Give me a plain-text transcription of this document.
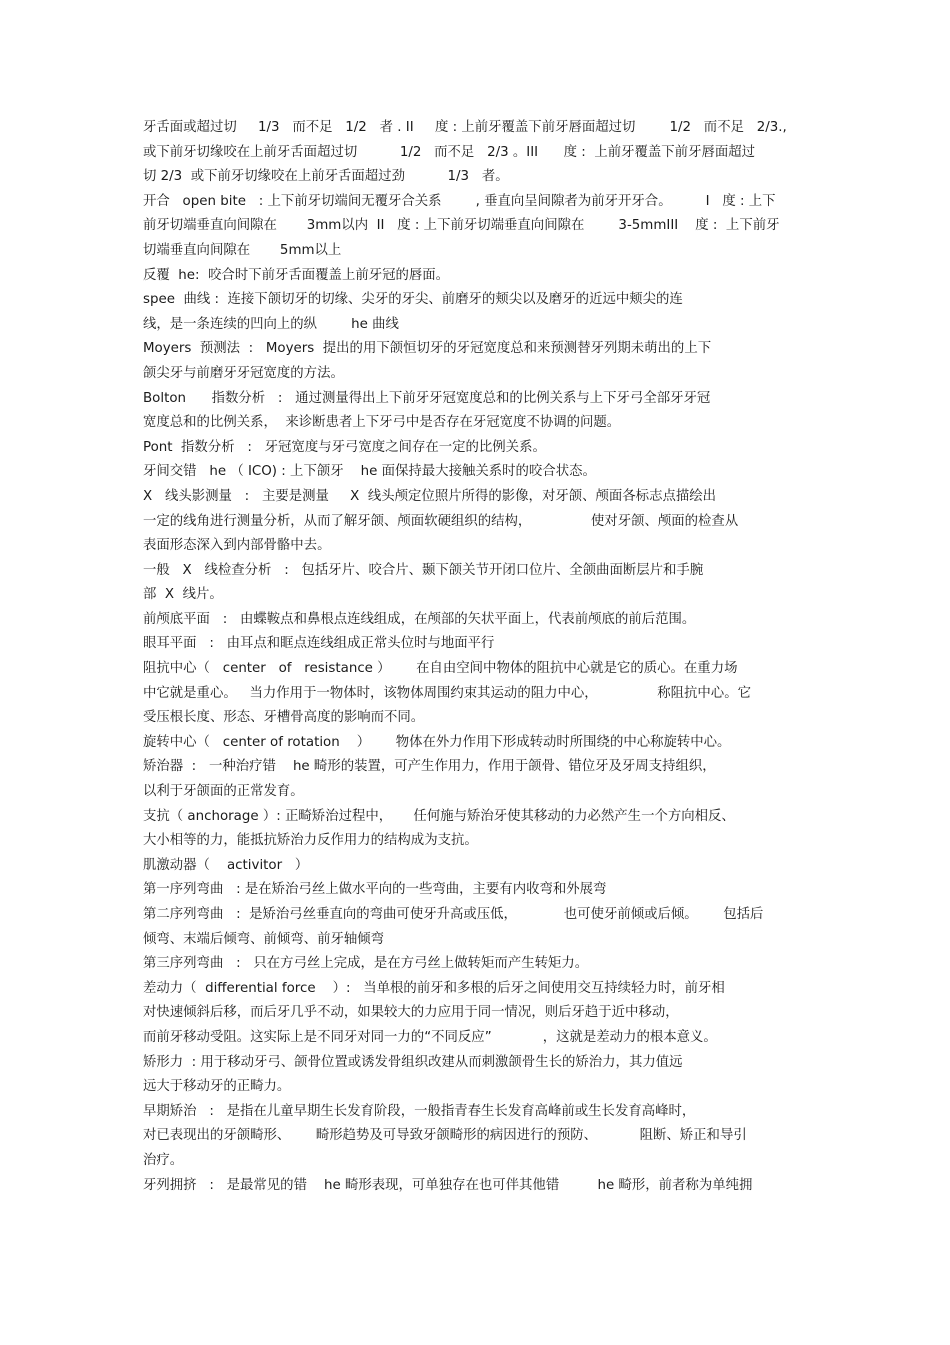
牙舌面或超过切     1/3   而不足   1/2   者 . II     度 : 上前牙覆盖下前牙唇面超过切        1/2   而不足   2/3.,
或下前牙切缘咬在上前牙舌面超过切          1/2   而不足   2/3 。III      度 :  上前牙覆盖下前牙唇面超过
切 2/3  或下前牙切缘咬在上前牙舌面超过劲          1/3   者。
开合   open bite   : 上下前牙切端间无覆牙合关系        , 垂直向呈间隙者为前牙开牙合。        I   度 : 上下
前牙切端垂直向间隙在       3mm以内  II   度 : 上下前牙切端垂直向间隙在        3-5mmIII    度 :  上下前牙
切端垂直向间隙在       5mm以上
反覆  he:  咬合时下前牙舌面覆盖上前牙冠的唇面。
spee  曲线 :  连接下颌切牙的切缘、尖牙的牙尖、前磨牙的颊尖以及磨牙的近远中颊尖的连
线，是一条连续的凹向上的纵        he 曲线
Moyers  预测法  :   Moyers  提出的用下颌恒切牙的牙冠宽度总和来预测替牙列期未萌出的上下
颌尖牙与前磨牙牙冠宽度的方法。
Bolton      指数分析   :   通过测量得出上下前牙牙冠宽度总和的比例关系与上下牙弓全部牙牙冠
宽度总和的比例关系，  来诊断患者上下牙弓中是否存在牙冠宽度不协调的问题。
Pont  指数分析   :   牙冠宽度与牙弓宽度之间存在一定的比例关系。
牙间交错   he （ ICO) : 上下颌牙    he 面保持最大接触关系时的咬合状态。
X   线头影测量   :   主要是测量     X  线头颅定位照片所得的影像，对牙颌、颅面各标志点描绘出
一定的线角进行测量分析，从而了解牙颌、颅面软硬组织的结构，              使对牙颌、颅面的检查从
表面形态深入到内部骨骼中去。
一般   X   线检查分析   :   包括牙片、咬合片、颞下颌关节开闭口位片、全颌曲面断层片和手腕
部  X  线片。
前颅底平面   :   由蝶鞍点和鼻根点连线组成，在颅部的矢状平面上，代表前颅底的前后范围。
眼耳平面   :   由耳点和眶点连线组成正常头位时与地面平行
阻抗中心（   center   of   resistance ）      在自由空间中物体的阻抗中心就是它的质心。在重力场
中它就是重心。   当力作用于一物体时，该物体周围约束其运动的阻力中心，              称阻抗中心。它
受压根长度、形态、牙槽骨高度的影响而不同。
旋转中心（   center of rotation    ）      物体在外力作用下形成转动时所围绕的中心称旋转中心。
矫治器  :   一种治疗错    he 畸形的装置，可产生作用力，作用于颌骨、错位牙及牙周支持组织，
以利于牙颌面的正常发育。
支抗（ anchorage ）: 正畸矫治过程中，     任何施与矫治牙使其移动的力必然产生一个方向相反、
大小相等的力，能抵抗矫治力反作用力的结构成为支抗。
肌激动器（    activitor   ）
第一序列弯曲   : 是在矫治弓丝上做水平向的一些弯曲，主要有内收弯和外展弯
第二序列弯曲   :  是矫治弓丝垂直向的弯曲可使牙升高或压低，           也可使牙前倾或后倾。      包括后
倾弯、末端后倾弯、前倾弯、前牙轴倾弯
第三序列弯曲   :   只在方弓丝上完成，是在方弓丝上做转矩而产生转矩力。
差动力（  differential force    ）:   当单根的前牙和多根的后牙之间使用交互持续轻力时，前牙相
对快速倾斜后移，而后牙几乎不动，如果较大的力应用于同一情况，则后牙趋于近中移动，
而前牙移动受阻。这实际上是不同牙对同一力的“不同反应”            ，这就是差动力的根本意义。
矫形力  : 用于移动牙弓、颌骨位置或诱发骨组织改建从而刺激颌骨生长的矫治力，其力值远
远大于移动牙的正畸力。
早期矫治   :   是指在儿童早期生长发育阶段，一般指青春生长发育高峰前或生长发育高峰时，
对已表现出的牙颌畸形、      畸形趋势及可导致牙颌畸形的病因进行的预防、          阻断、矫正和导引
治疗。
牙列拥挤   :   是最常见的错    he 畸形表现，可单独存在也可伴其他错         he 畸形，前者称为单纯拥
